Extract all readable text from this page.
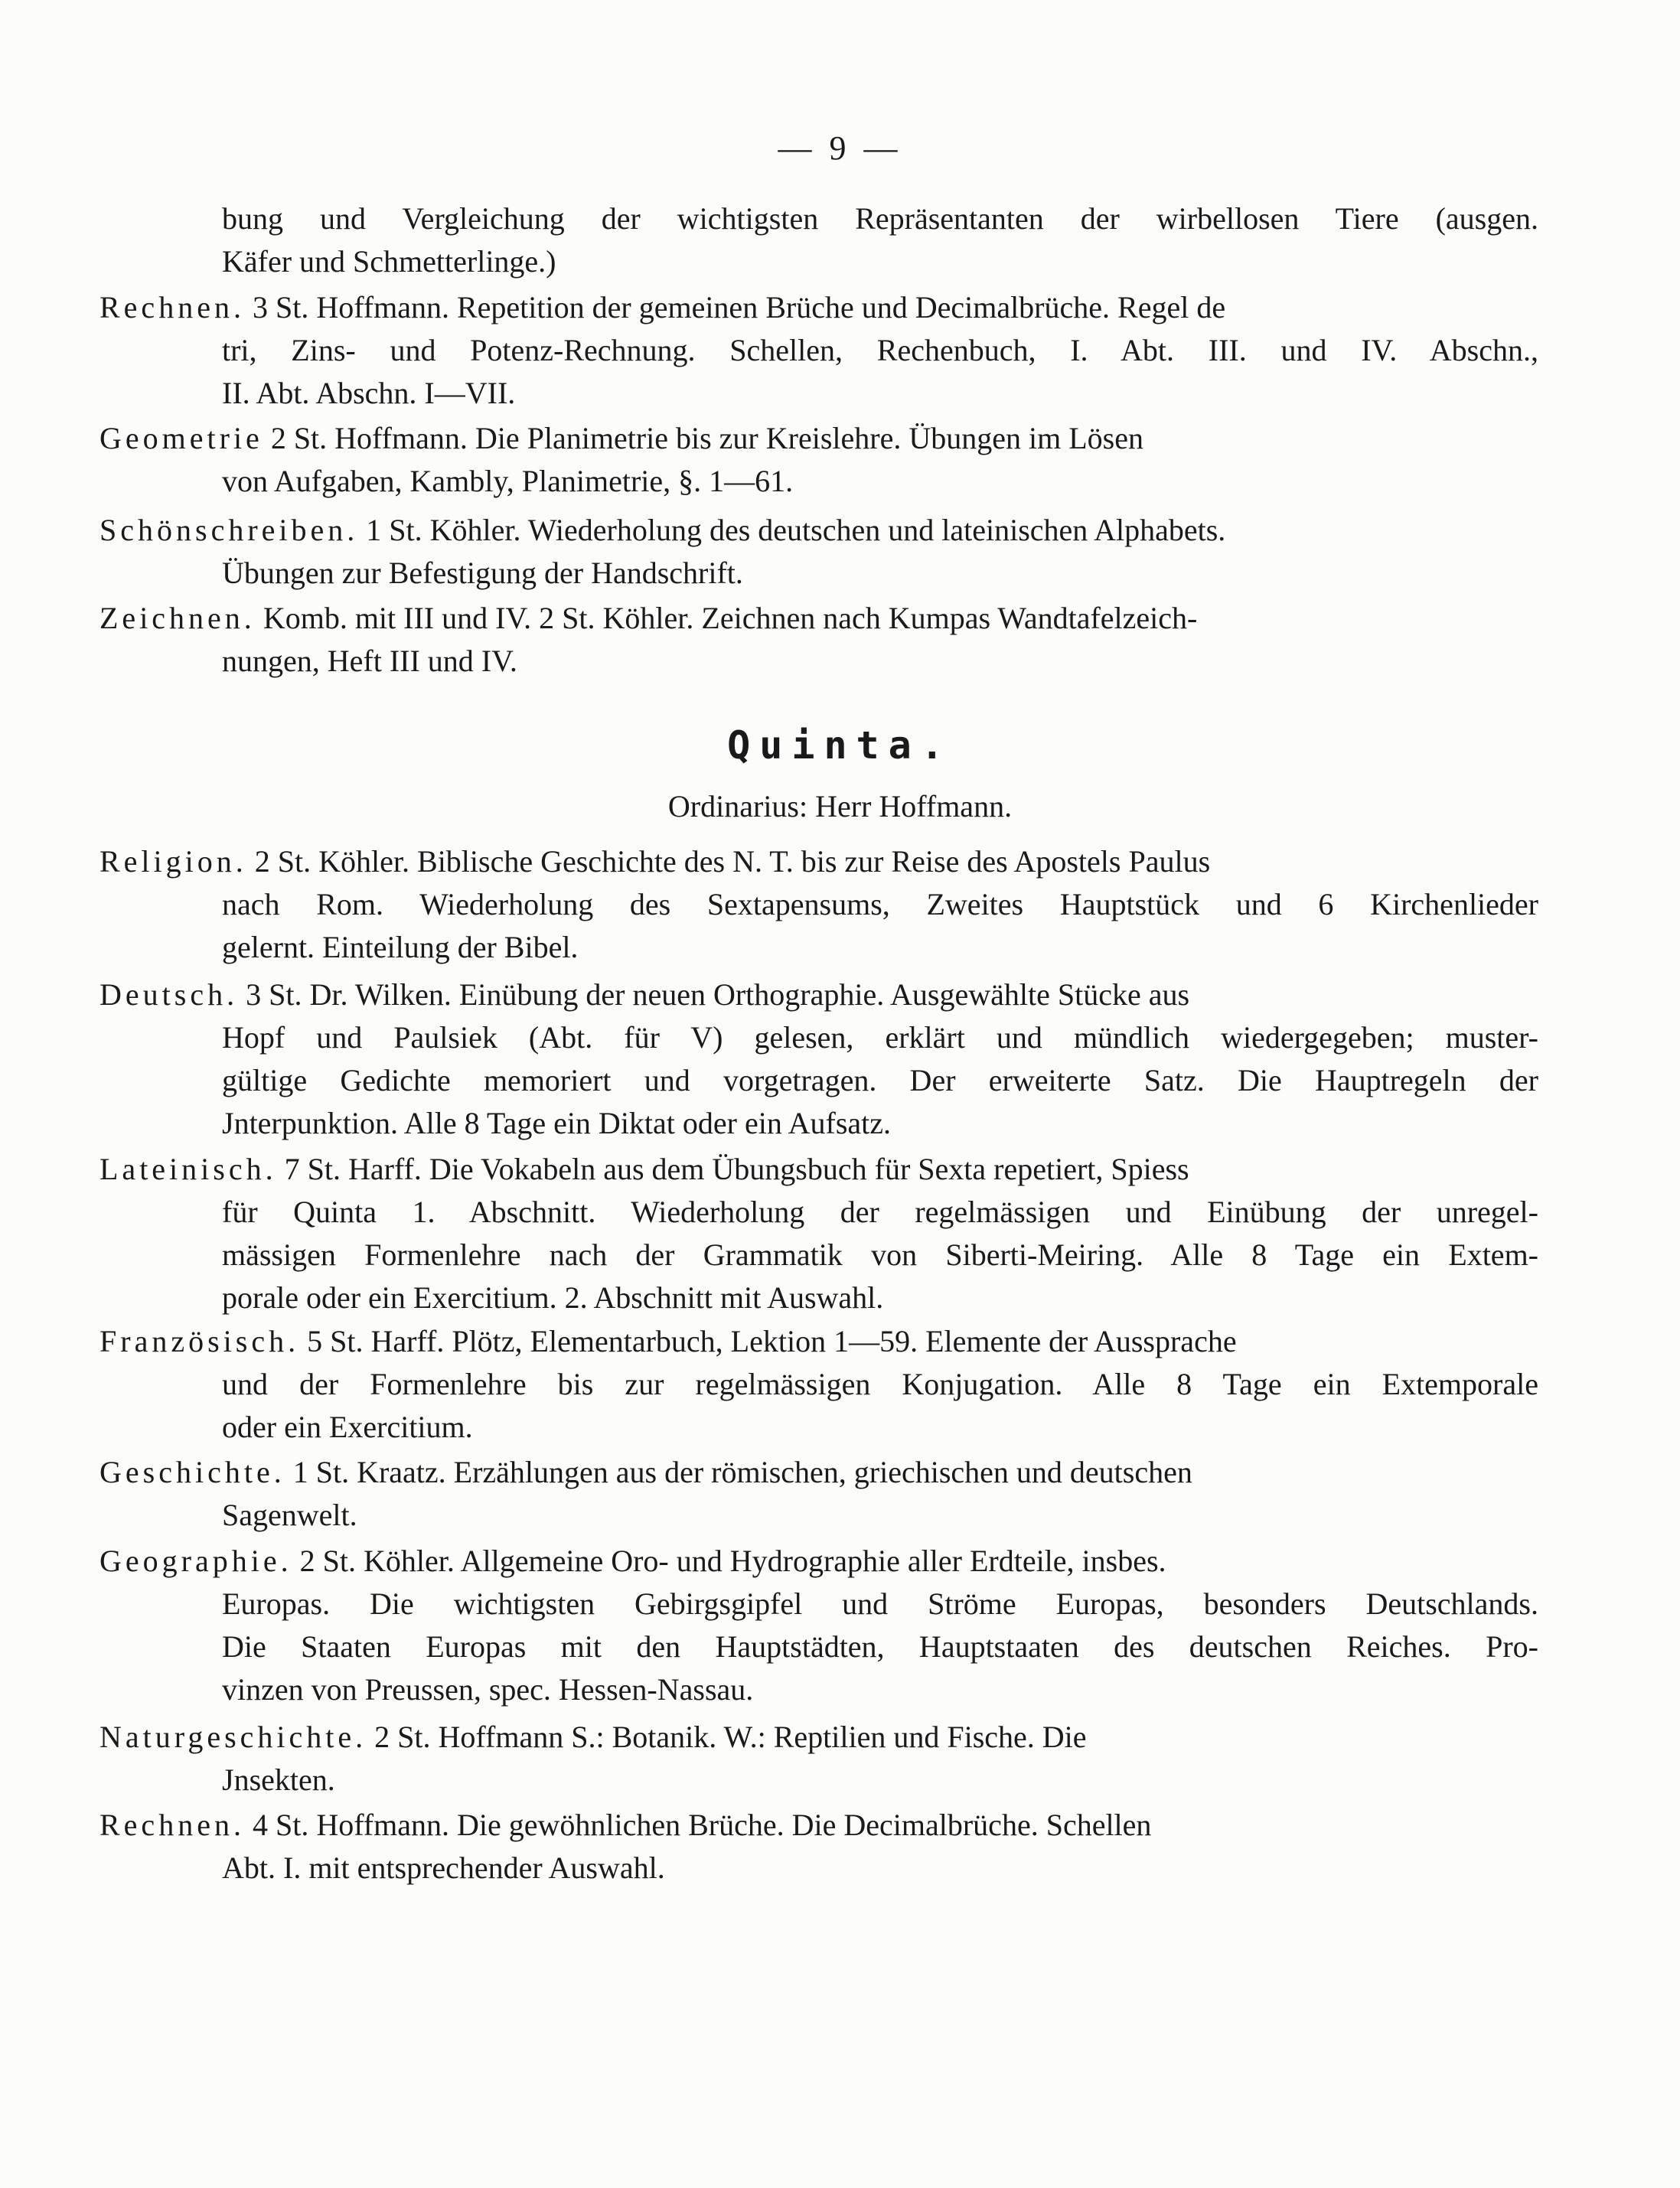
— 9 —
bung und Vergleichung der wichtigsten Repräsentanten der wirbellosen Tiere (ausgen.
Käfer und Schmetterlinge.)
Rechnen. 3 St. Hoffmann. Repetition der gemeinen Brüche und Decimalbrüche. Regel de
tri, Zins- und Potenz-Rechnung. Schellen, Rechenbuch, I. Abt. III. und IV. Abschn.,
II. Abt. Abschn. I—VII.
Geometrie 2 St. Hoffmann. Die Planimetrie bis zur Kreislehre. Übungen im Lösen
von Aufgaben, Kambly, Planimetrie, §. 1—61.
Schönschreiben. 1 St. Köhler. Wiederholung des deutschen und lateinischen Alphabets.
Übungen zur Befestigung der Handschrift.
Zeichnen. Komb. mit III und IV. 2 St. Köhler. Zeichnen nach Kumpas Wandtafelzeich-
nungen, Heft III und IV.
Quinta.
Ordinarius: Herr Hoffmann.
Religion. 2 St. Köhler. Biblische Geschichte des N. T. bis zur Reise des Apostels Paulus
nach Rom. Wiederholung des Sextapensums, Zweites Hauptstück und 6 Kirchenlieder
gelernt. Einteilung der Bibel.
Deutsch. 3 St. Dr. Wilken. Einübung der neuen Orthographie. Ausgewählte Stücke aus
Hopf und Paulsiek (Abt. für V) gelesen, erklärt und mündlich wiedergegeben; muster-
gültige Gedichte memoriert und vorgetragen. Der erweiterte Satz. Die Hauptregeln der
Jnterpunktion. Alle 8 Tage ein Diktat oder ein Aufsatz.
Lateinisch. 7 St. Harff. Die Vokabeln aus dem Übungsbuch für Sexta repetiert, Spiess
für Quinta 1. Abschnitt. Wiederholung der regelmässigen und Einübung der unregel-
mässigen Formenlehre nach der Grammatik von Siberti-Meiring. Alle 8 Tage ein Extem-
porale oder ein Exercitium. 2. Abschnitt mit Auswahl.
Französisch. 5 St. Harff. Plötz, Elementarbuch, Lektion 1—59. Elemente der Aussprache
und der Formenlehre bis zur regelmässigen Konjugation. Alle 8 Tage ein Extemporale
oder ein Exercitium.
Geschichte. 1 St. Kraatz. Erzählungen aus der römischen, griechischen und deutschen
Sagenwelt.
Geographie. 2 St. Köhler. Allgemeine Oro- und Hydrographie aller Erdteile, insbes.
Europas. Die wichtigsten Gebirgsgipfel und Ströme Europas, besonders Deutschlands.
Die Staaten Europas mit den Hauptstädten, Hauptstaaten des deutschen Reiches. Pro-
vinzen von Preussen, spec. Hessen-Nassau.
Naturgeschichte. 2 St. Hoffmann S.: Botanik. W.: Reptilien und Fische. Die
Jnsekten.
Rechnen. 4 St. Hoffmann. Die gewöhnlichen Brüche. Die Decimalbrüche. Schellen
Abt. I. mit entsprechender Auswahl.
